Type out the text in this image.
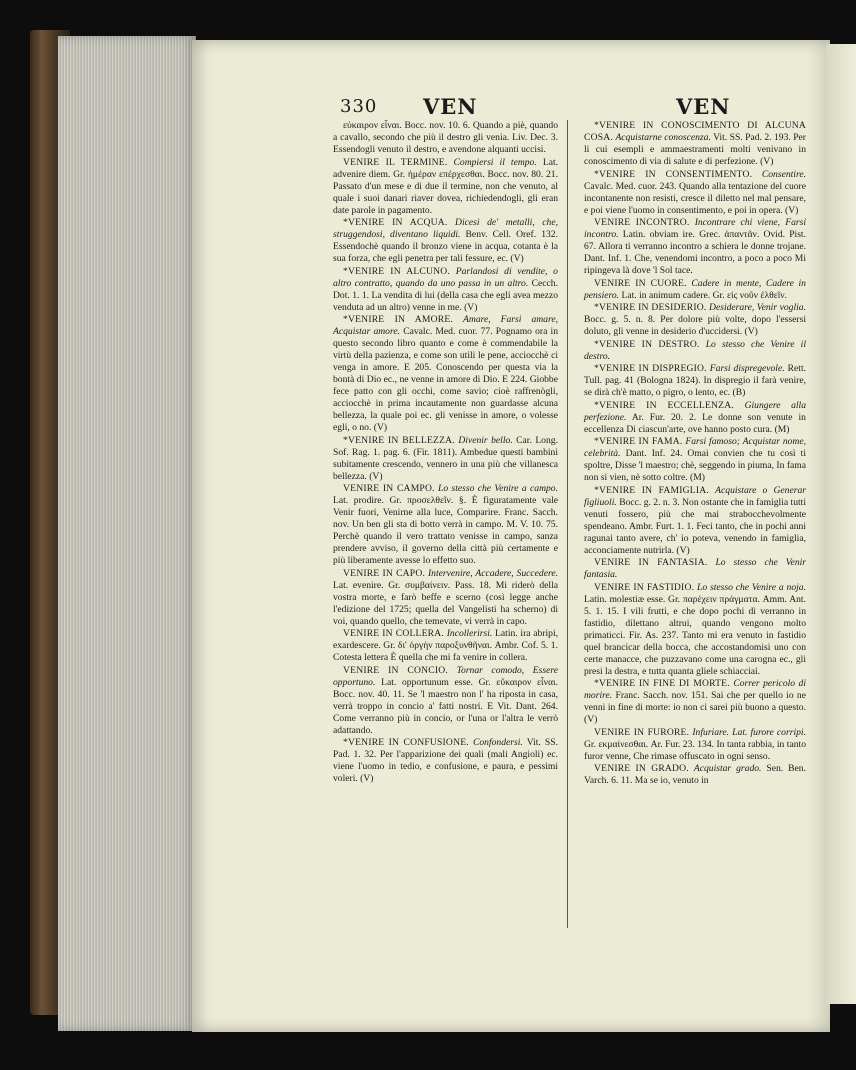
330 VEN	VEN

εὐκαιρον εἶναι. Bocc. nov. 10. 6. Quando a piè, quando a cavallo, secondo che più il destro gli venia. Liv. Dec. 3. Essendogli venuto il destro, e avendone alquanti uccisi.

VENIRE IL TERMINE. Compiersi il tempo. Lat. advenire diem. Gr. ἡμέραν επέρχεσθαι. Bocc. nov. 80. 21. Passato d'un mese e di due il termine, non che venuto, al quale i suoi danari riaver dovea, richiedendogli, gli eran date parole in pagamento.

*VENIRE IN ACQUA. Dicesi de' metalli, che, struggendosi, diventano liquidi. Benv. Cell. Oref. 132. Essendochè quando il bronzo viene in acqua, cotanta è la sua forza, che egli penetra per tali fessure, ec. (V)

*VENIRE IN ALCUNO. Parlandosi di vendite, o altro contratto, quando da uno passa in un altro. Cecch. Dot. 1. 1. La vendita di lui (della casa che egli avea mezzo venduta ad un altro) venne in me. (V)

*VENIRE IN AMORE. Amare, Farsi amare, Acquistar amore. Cavalc. Med. cuor. 77. Pognamo ora in questo secondo libro quanto e come è commendabile la virtù della pazienza, e come son utili le pene, acciocchè ci venga in amore. E 205. Conoscendo per questa via la bontà di Dio ec., ne venne in amore di Dio. E 224. Giobbe fece patto con gli occhi, come savio; cioè raffrenògli, acciocchè in prima incautamente non guardasse alcuna bellezza, la quale poi ec. gli venisse in amore, o volesse egli, o no. (V)

*VENIRE IN BELLEZZA. Divenir bello. Car. Long. Sof. Rag. 1. pag. 6. (Fir. 1811). Ambedue questi bambini subitamente crescendo, vennero in una più che villanesca bellezza. (V)

VENIRE IN CAMPO. Lo stesso che Venire a campo. Lat. prodire. Gr. προσελθεῖν. §. È figuratamente vale Venir fuori, Venirne alla luce, Comparire. Franc. Sacch. nov. Un ben gli sta di botto verrà in campo. M. V. 10. 75. Perchè quando il vero trattato venisse in campo, sanza prendere avviso, il governo della città più certamente e più liberamente avesse lo effetto suo.

VENIRE IN CAPO. Intervenire, Accadere, Succedere. Lat. evenire. Gr. συμβαίνειν. Pass. 18. Mi riderò della vostra morte, e farò beffe e scerno (così legge anche l'edizione del 1725; quella del Vangelisti ha scherno) di voi, quando quello, che temevate, vi verrà in capo.

VENIRE IN COLLERA. Incollerirsi. Latin. ira abripi, exardescere. Gr. δι' ὀργὴν παροξυνθῆναι. Ambr. Cof. 5. 1. Cotesta lettera È quella che mi fa venire in collera.

VENIRE IN CONCIO. Tornar comodo, Essere opportuno. Lat. opportunum esse. Gr. εὔκαιρον εἶναι. Bocc. nov. 40. 11. Se 'l maestro non l' ha riposta in casa, verrà troppo in concio a' fatti nostri. E Vit. Dant. 264. Come verranno più in concio, or l'una or l'altra le verrò adattando.

*VENIRE IN CONFUSIONE. Confondersi. Vit. SS. Pad. 1. 32. Per l'apparizione dei quali (mali Angioli) ec. viene l'uomo in tedio, e confusione, e paura, e pessimi voleri. (V)

*VENIRE IN CONOSCIMENTO DI ALCUNA COSA. Acquistarne conoscenza. Vit. SS. Pad. 2. 193. Per li cui esempli e ammaestramenti molti venivano in conoscimento di via di salute e di perfezione. (V)

*VENIRE IN CONSENTIMENTO. Consentire. Cavalc. Med. cuor. 243. Quando alla tentazione del cuore incontanente non resisti, cresce il diletto nel mal pensare, e poi viene l'uomo in consentimento, e poi in opera. (V)

VENIRE INCONTRO. Incontrare chi viene, Farsi incontro. Latin. obviam ire. Grec. ἀπαντᾶν. Ovid. Pist. 67. Allora ti verranno incontro a schiera le donne trojane. Dant. Inf. 1. Che, venendomi incontro, a poco a poco Mi ripingeva là dove 'l Sol tace.

VENIRE IN CUORE. Cadere in mente, Cadere in pensiero. Lat. in animum cadere. Gr. εἰς νοῦν ἐλθεῖν.

*VENIRE IN DESIDERIO. Desiderare, Venir voglia. Bocc. g. 5. n. 8. Per dolore più volte, dopo l'essersi doluto, gli venne in desiderio d'uccidersi. (V)

*VENIRE IN DESTRO. Lo stesso che Venire il destro.

*VENIRE IN DISPREGIO. Farsi dispregevole. Rett. Tull. pag. 41 (Bologna 1824). In dispregio il farà venire, se dirà ch'è matto, o pigro, o lento, ec. (B)

*VENIRE IN ECCELLENZA. Giungere alla perfezione. Ar. Fur. 20. 2. Le donne son venute in eccellenza Di ciascun'arte, ove hanno posto cura. (M)

*VENIRE IN FAMA. Farsi famoso; Acquistar nome, celebrità. Dant. Inf. 24. Omai convien che tu così ti spoltre, Disse 'l maestro; chè, seggendo in piuma, In fama non si vien, nè sotto coltre. (M)

*VENIRE IN FAMIGLIA. Acquistare o Generar figliuoli. Bocc. g. 2. n. 3. Non ostante che in famiglia tutti venuti fossero, più che mai strabocchevolmente spendeano. Ambr. Furt. 1. 1. Feci tanto, che in pochi anni ragunai tanto avere, ch' io poteva, venendo in famiglia, acconciamente nutrirla. (V)

VENIRE IN FANTASIA. Lo stesso che Venir fantasia.

VENIRE IN FASTIDIO. Lo stesso che Venire a noja. Latin. molestiæ esse. Gr. παρέχειν πράγματα. Amm. Ant. 5. 1. 15. I vili frutti, e che dopo pochi dì verranno in fastidio, dilettano altrui, quando vengono molto primaticci. Fir. As. 237. Tanto mi era venuto in fastidio quel brancicar della bocca, che accostandomisi uno con certe manacce, che puzzavano come una carogna ec., gli presi la destra, e tutta quanta gliele schiacciai.

*VENIRE IN FINE DI MORTE. Correr pericolo di morire. Franc. Sacch. nov. 151. Sai che per quello io ne venni in fine di morte: io non ci sarei più buono a questo. (V)

VENIRE IN FURORE. Infuriare. Lat. furore corripi. Gr. εκμαίνεσθαι. Ar. Fur. 23. 134. In tanta rabbia, in tanto furor venne, Che rimase offuscato in ogni senso.

VENIRE IN GRADO. Acquistar grado. Sen. Ben. Varch. 6. 11. Ma se io, venuto in
